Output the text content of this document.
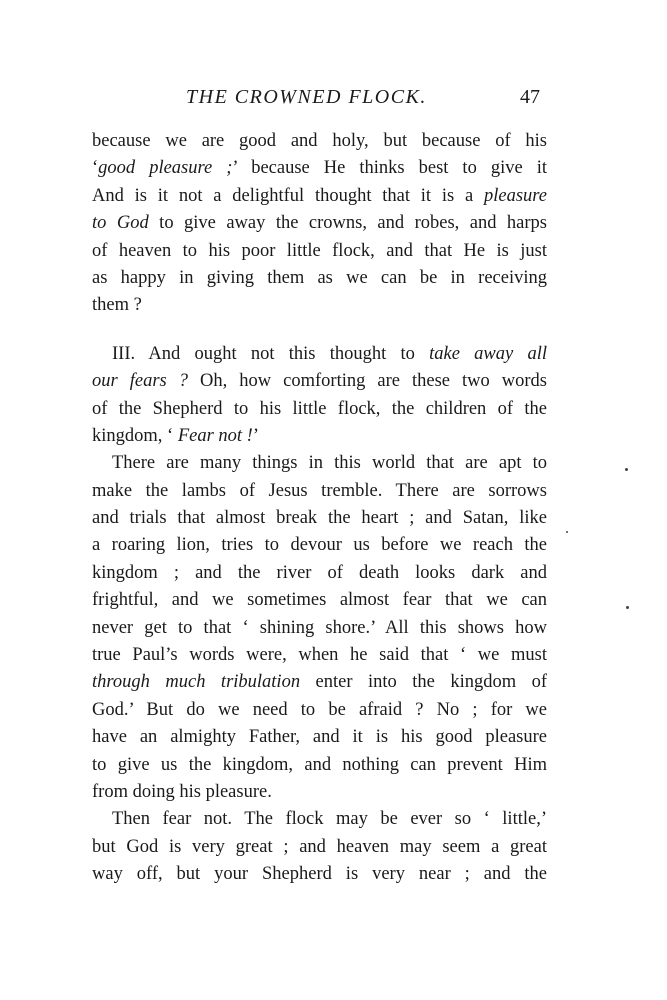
THE CROWNED FLOCK.	47
because we are good and holy, but because of his
‘good pleasure ;’ because He thinks best to give it
And is it not a delightful thought that it is a pleasure
to God to give away the crowns, and robes, and harps
of heaven to his poor little flock, and that He is just
as happy in giving them as we can be in receiving
them ?
III. And ought not this thought to take away all
our fears ? Oh, how comforting are these two words
of the Shepherd to his little flock, the children of the
kingdom, ‘ Fear not !’
There are many things in this world that are apt to
make the lambs of Jesus tremble. There are sorrows
and trials that almost break the heart ; and Satan, like
a roaring lion, tries to devour us before we reach the
kingdom ; and the river of death looks dark and
frightful, and we sometimes almost fear that we can
never get to that ‘ shining shore.’ All this shows how
true Paul’s words were, when he said that ‘ we must
through much tribulation enter into the kingdom of
God.’ But do we need to be afraid ? No ; for we
have an almighty Father, and it is his good pleasure
to give us the kingdom, and nothing can prevent Him
from doing his pleasure.
Then fear not. The flock may be ever so ‘ little,’
but God is very great ; and heaven may seem a great
way off, but your Shepherd is very near ; and the
